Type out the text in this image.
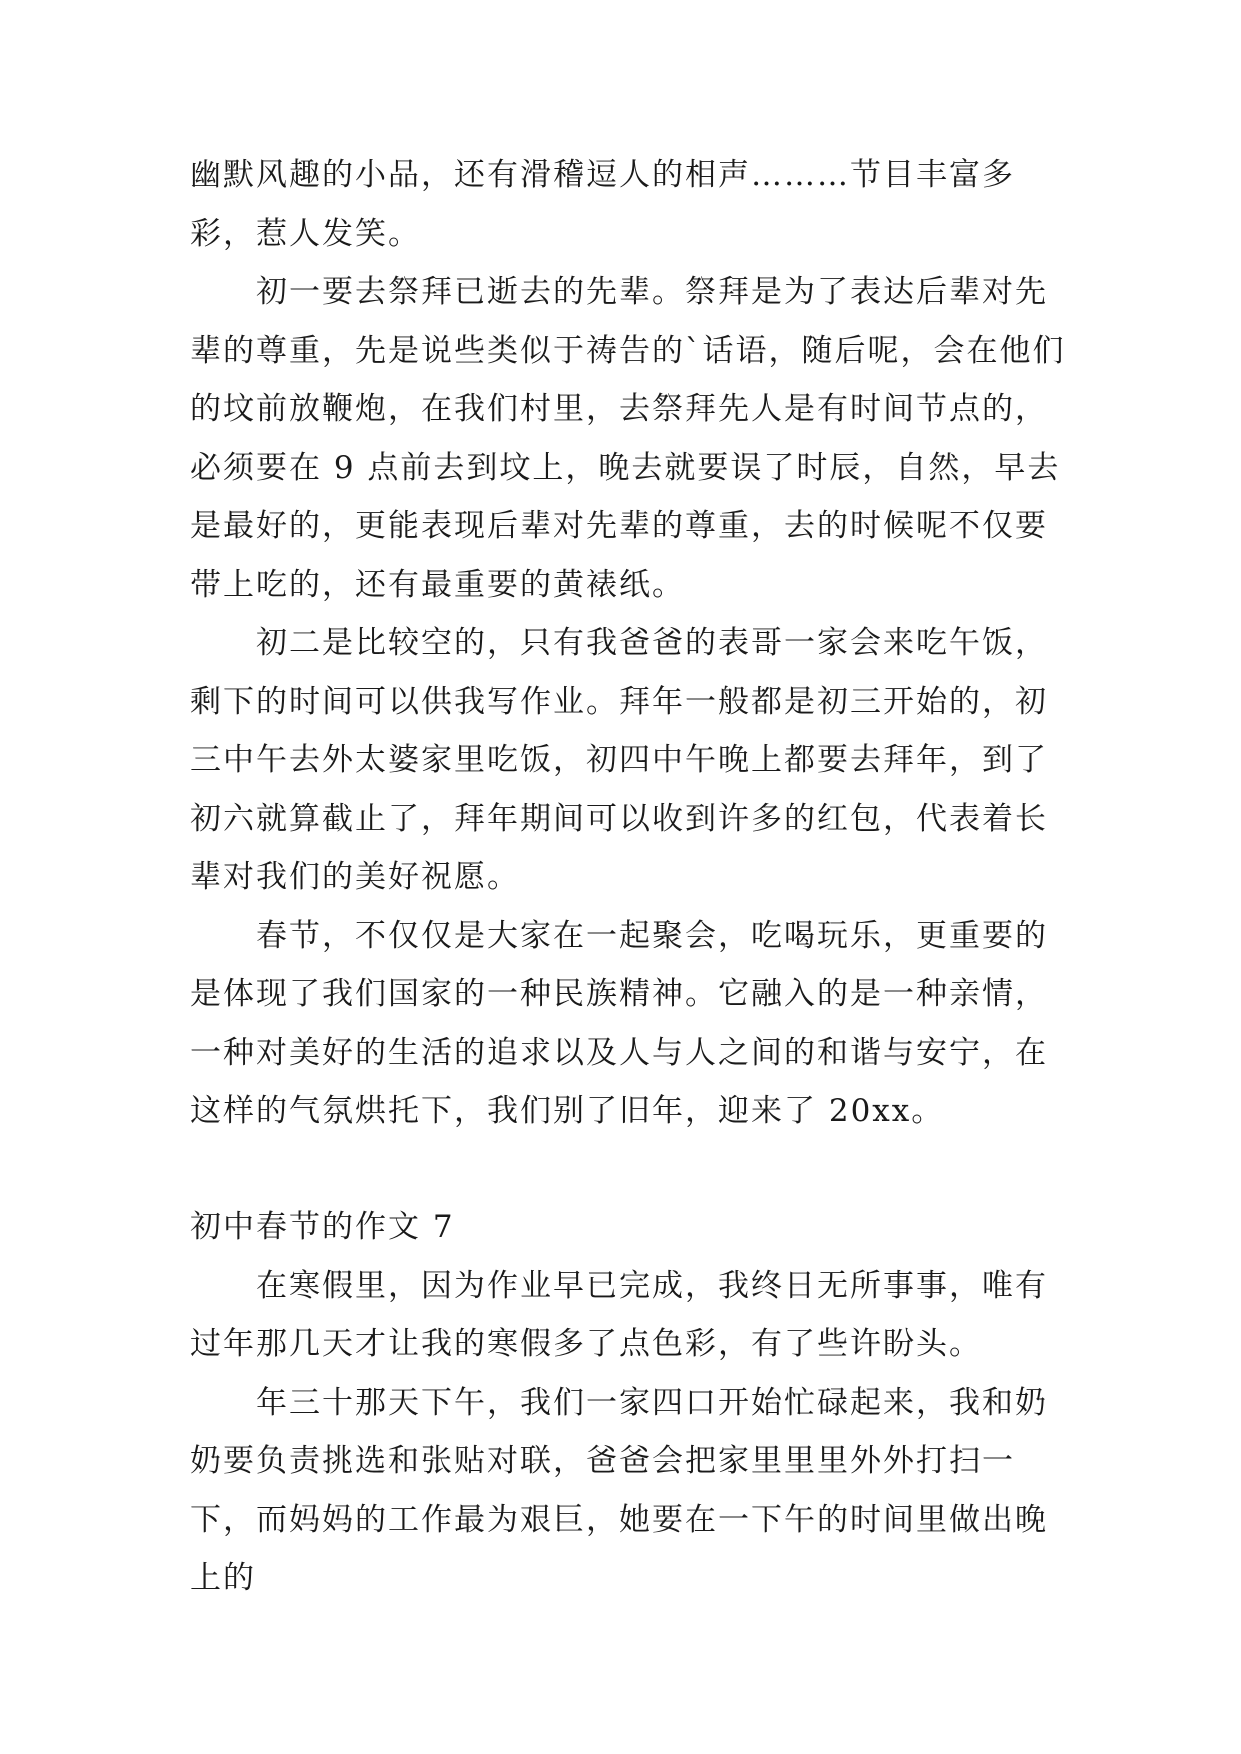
幽默风趣的小品，还有滑稽逗人的相声………节目丰富多彩，惹人发笑。

初一要去祭拜已逝去的先辈。祭拜是为了表达后辈对先辈的尊重，先是说些类似于祷告的`话语，随后呢，会在他们的坟前放鞭炮，在我们村里，去祭拜先人是有时间节点的，必须要在 9 点前去到坟上，晚去就要误了时辰，自然，早去是最好的，更能表现后辈对先辈的尊重，去的时候呢不仅要带上吃的，还有最重要的黄裱纸。

初二是比较空的，只有我爸爸的表哥一家会来吃午饭，剩下的时间可以供我写作业。拜年一般都是初三开始的，初三中午去外太婆家里吃饭，初四中午晚上都要去拜年，到了初六就算截止了，拜年期间可以收到许多的红包，代表着长辈对我们的美好祝愿。

春节，不仅仅是大家在一起聚会，吃喝玩乐，更重要的是体现了我们国家的一种民族精神。它融入的是一种亲情，一种对美好的生活的追求以及人与人之间的和谐与安宁，在这样的气氛烘托下，我们别了旧年，迎来了 20xx。

初中春节的作文 7

在寒假里，因为作业早已完成，我终日无所事事，唯有过年那几天才让我的寒假多了点色彩，有了些许盼头。

年三十那天下午，我们一家四口开始忙碌起来，我和奶奶要负责挑选和张贴对联，爸爸会把家里里里外外打扫一下，而妈妈的工作最为艰巨，她要在一下午的时间里做出晚上的
